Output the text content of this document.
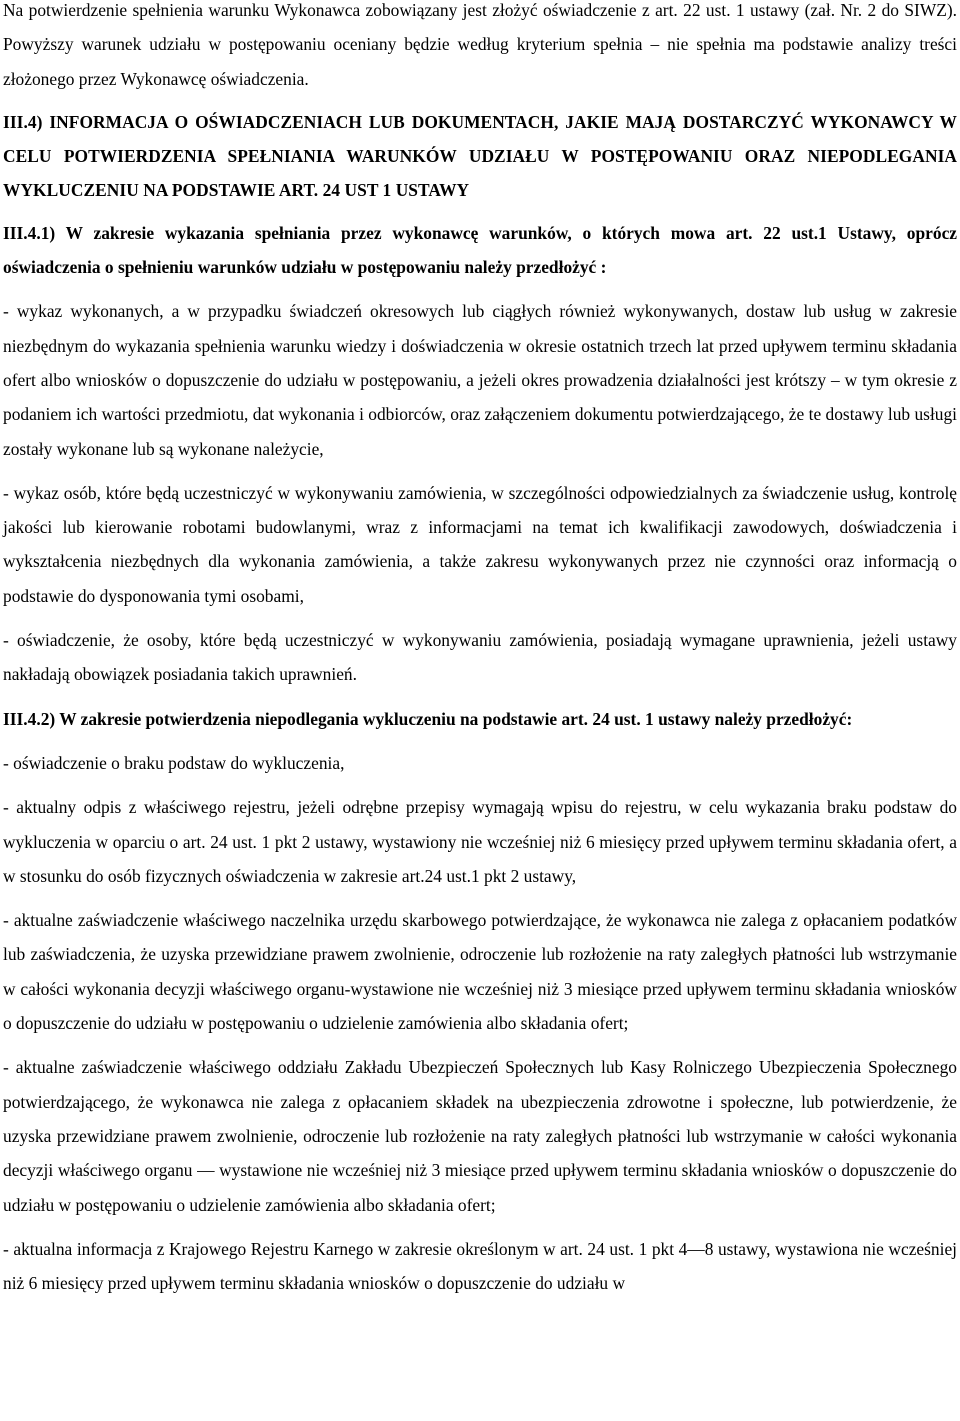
Na potwierdzenie spełnienia warunku Wykonawca zobowiązany jest złożyć oświadczenie z art. 22 ust. 1 ustawy (zał. Nr. 2 do SIWZ). Powyższy warunek udziału w postępowaniu oceniany będzie według kryterium spełnia – nie spełnia ma podstawie analizy treści złożonego przez Wykonawcę oświadczenia.

III.4) INFORMACJA O OŚWIADCZENIACH LUB DOKUMENTACH, JAKIE MAJĄ DOSTARCZYĆ WYKONAWCY W CELU POTWIERDZENIA SPEŁNIANIA WARUNKÓW UDZIAŁU W POSTĘPOWANIU ORAZ NIEPODLEGANIA WYKLUCZENIU NA PODSTAWIE ART. 24 UST 1 USTAWY

III.4.1) W zakresie wykazania spełniania przez wykonawcę warunków, o których mowa art. 22 ust.1 Ustawy, oprócz oświadczenia o spełnieniu warunków udziału w postępowaniu należy przedłożyć :

- wykaz wykonanych, a w przypadku świadczeń okresowych lub ciągłych również wykonywanych, dostaw lub usług w zakresie niezbędnym do wykazania spełnienia warunku wiedzy i doświadczenia w okresie ostatnich trzech lat przed upływem terminu składania ofert albo wniosków o dopuszczenie do udziału w postępowaniu, a jeżeli okres prowadzenia działalności jest krótszy – w tym okresie z podaniem ich wartości przedmiotu, dat wykonania i odbiorców, oraz załączeniem dokumentu potwierdzającego, że te dostawy lub usługi zostały wykonane lub są wykonane należycie,

- wykaz osób, które będą uczestniczyć w wykonywaniu zamówienia, w szczególności odpowiedzialnych za świadczenie usług, kontrolę jakości lub kierowanie robotami budowlanymi, wraz z informacjami na temat ich kwalifikacji zawodowych, doświadczenia i wykształcenia niezbędnych dla wykonania zamówienia, a także zakresu wykonywanych przez nie czynności oraz informacją o podstawie do dysponowania tymi osobami,

- oświadczenie, że osoby, które będą uczestniczyć w wykonywaniu zamówienia, posiadają wymagane uprawnienia, jeżeli ustawy nakładają obowiązek posiadania takich uprawnień.

III.4.2) W zakresie potwierdzenia niepodlegania wykluczeniu na podstawie art. 24 ust. 1 ustawy należy przedłożyć:

- oświadczenie o braku podstaw do wykluczenia,

- aktualny odpis z właściwego rejestru, jeżeli odrębne przepisy wymagają wpisu do rejestru, w celu wykazania braku podstaw do wykluczenia w oparciu o art. 24 ust. 1 pkt 2 ustawy, wystawiony nie wcześniej niż 6 miesięcy przed upływem terminu składania ofert, a w stosunku do osób fizycznych oświadczenia w zakresie art.24 ust.1 pkt 2 ustawy,

- aktualne zaświadczenie właściwego naczelnika urzędu skarbowego potwierdzające, że wykonawca nie zalega z opłacaniem podatków lub zaświadczenia, że uzyska przewidziane prawem zwolnienie, odroczenie lub rozłożenie na raty zaległych płatności lub wstrzymanie w całości wykonania decyzji właściwego organu-wystawione nie wcześniej niż 3 miesiące przed upływem terminu składania wniosków o dopuszczenie do udziału w postępowaniu o udzielenie zamówienia albo składania ofert;

- aktualne zaświadczenie właściwego oddziału Zakładu Ubezpieczeń Społecznych lub Kasy Rolniczego Ubezpieczenia Społecznego potwierdzającego, że wykonawca nie zalega z opłacaniem składek na ubezpieczenia zdrowotne i społeczne, lub potwierdzenie, że uzyska przewidziane prawem zwolnienie, odroczenie lub rozłożenie na raty zaległych płatności lub wstrzymanie w całości wykonania decyzji właściwego organu — wystawione nie wcześniej niż 3 miesiące przed upływem terminu składania wniosków o dopuszczenie do udziału w postępowaniu o udzielenie zamówienia albo składania ofert;

- aktualna informacja z Krajowego Rejestru Karnego w zakresie określonym w art. 24 ust. 1 pkt 4—8 ustawy, wystawiona nie wcześniej niż 6 miesięcy przed upływem terminu składania wniosków o dopuszczenie do udziału w
